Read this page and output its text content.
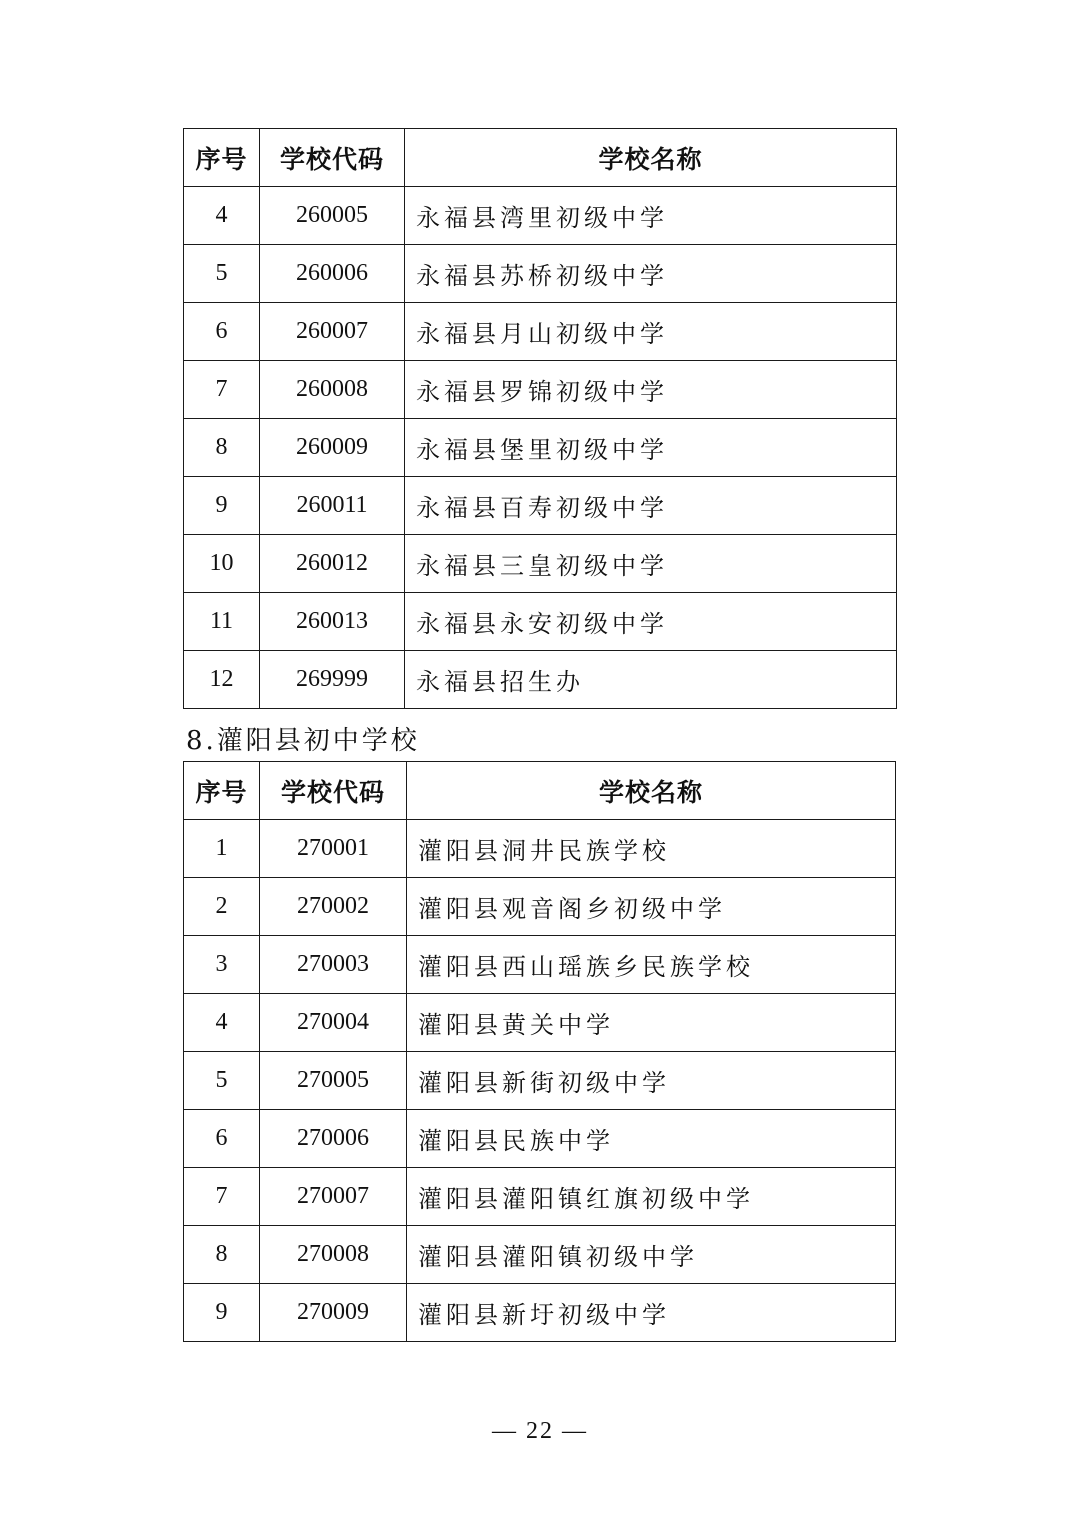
序号	学校代码	学校名称
4	260005	永福县湾里初级中学
5	260006	永福县苏桥初级中学
6	260007	永福县月山初级中学
7	260008	永福县罗锦初级中学
8	260009	永福县堡里初级中学
9	260011	永福县百寿初级中学
10	260012	永福县三皇初级中学
11	260013	永福县永安初级中学
12	269999	永福县招生办
8.灌阳县初中学校
序号	学校代码	学校名称
1	270001	灌阳县洞井民族学校
2	270002	灌阳县观音阁乡初级中学
3	270003	灌阳县西山瑶族乡民族学校
4	270004	灌阳县黄关中学
5	270005	灌阳县新街初级中学
6	270006	灌阳县民族中学
7	270007	灌阳县灌阳镇红旗初级中学
8	270008	灌阳县灌阳镇初级中学
9	270009	灌阳县新圩初级中学
— 22 —
